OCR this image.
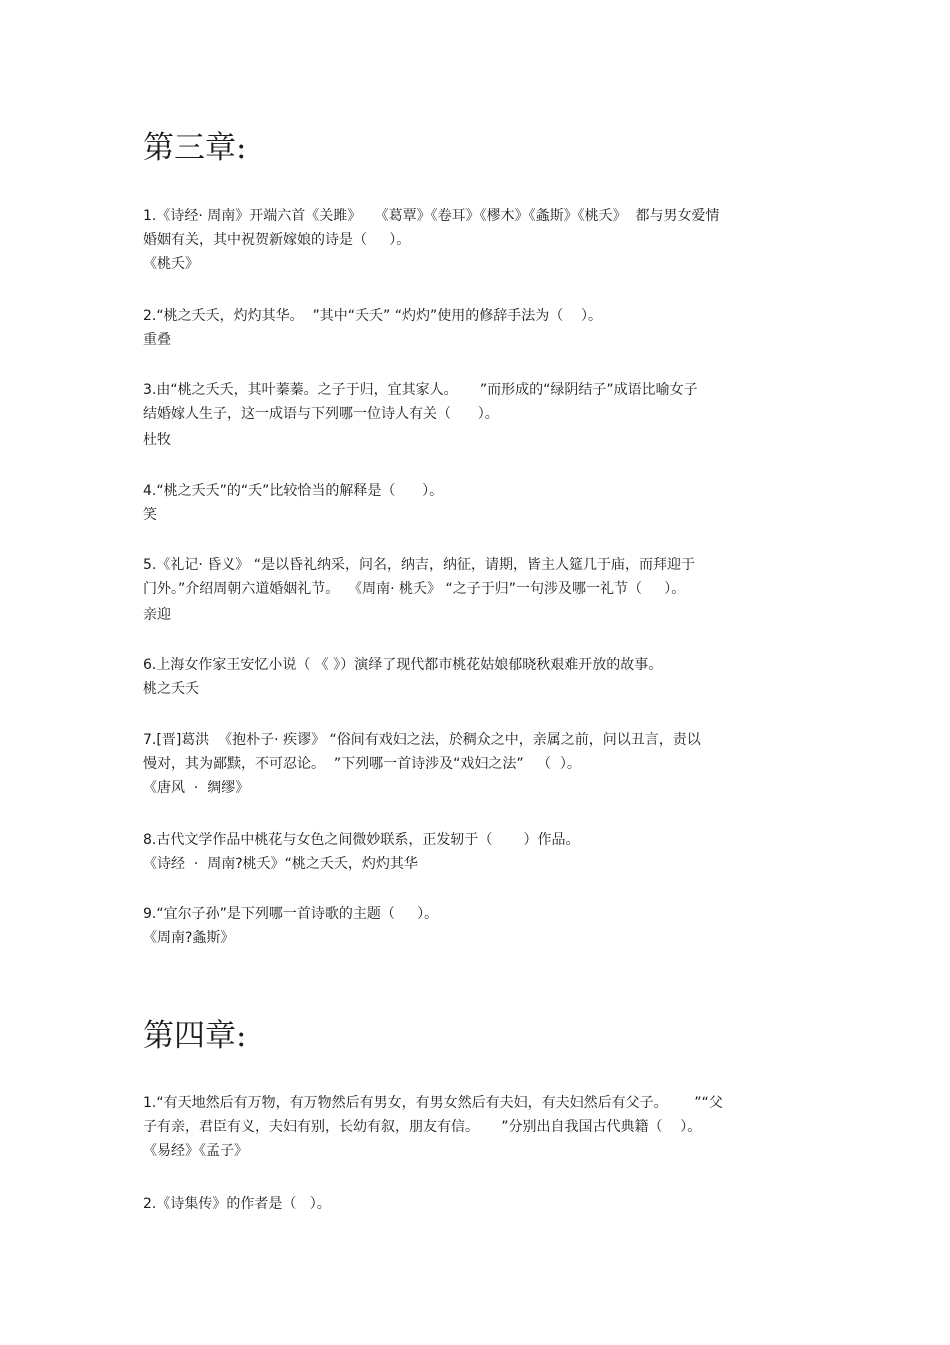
第三章:
1.《诗经· 周南》开端六首《关雎》   《葛覃》《卷耳》《樛木》《螽斯》《桃夭》  都与男女爱情
婚姻有关，其中祝贺新嫁娘的诗是（     ）。
《桃夭》
2.“桃之夭夭，灼灼其华。  ”其中“夭夭” “灼灼”使用的修辞手法为（    ）。
重叠
3.由“桃之夭夭，其叶蓁蓁。之子于归，宜其家人。     ”而形成的“绿阴结子”成语比喻女子
结婚嫁人生子，这一成语与下列哪一位诗人有关（      ）。
杜牧
4.“桃之夭夭”的“夭”比较恰当的解释是（      ）。
笑
5.《礼记· 昏义》 “是以昏礼纳采，问名，纳吉，纳征，请期，皆主人筵几于庙，而拜迎于
门外。”介绍周朝六道婚姻礼节。  《周南· 桃夭》 “之子于归”一句涉及哪一礼节（     ）。
亲迎
6.上海女作家王安忆小说（ 《 》）演绎了现代都市桃花姑娘郁晓秋艰难开放的故事。
桃之夭夭
7.[晋]葛洪  《抱朴子· 疾谬》 “俗间有戏妇之法，於稠众之中，亲属之前，问以丑言，责以
慢对，其为鄙黩，不可忍论。  ”下列哪一首诗涉及“戏妇之法”   （  ）。
《唐风  ·  绸缪》
8.古代文学作品中桃花与女色之间微妙联系，正发轫于（       ）作品。
《诗经  ·  周南?桃夭》“桃之夭夭，灼灼其华
9.“宜尔子孙”是下列哪一首诗歌的主题（     ）。
《周南?螽斯》
第四章:
1.“有天地然后有万物，有万物然后有男女，有男女然后有夫妇，有夫妇然后有父子。      ”“父
子有亲，君臣有义，夫妇有别，长幼有叙，朋友有信。     ”分别出自我国古代典籍（    ）。
《易经》《孟子》
2.《诗集传》的作者是（   ）。
